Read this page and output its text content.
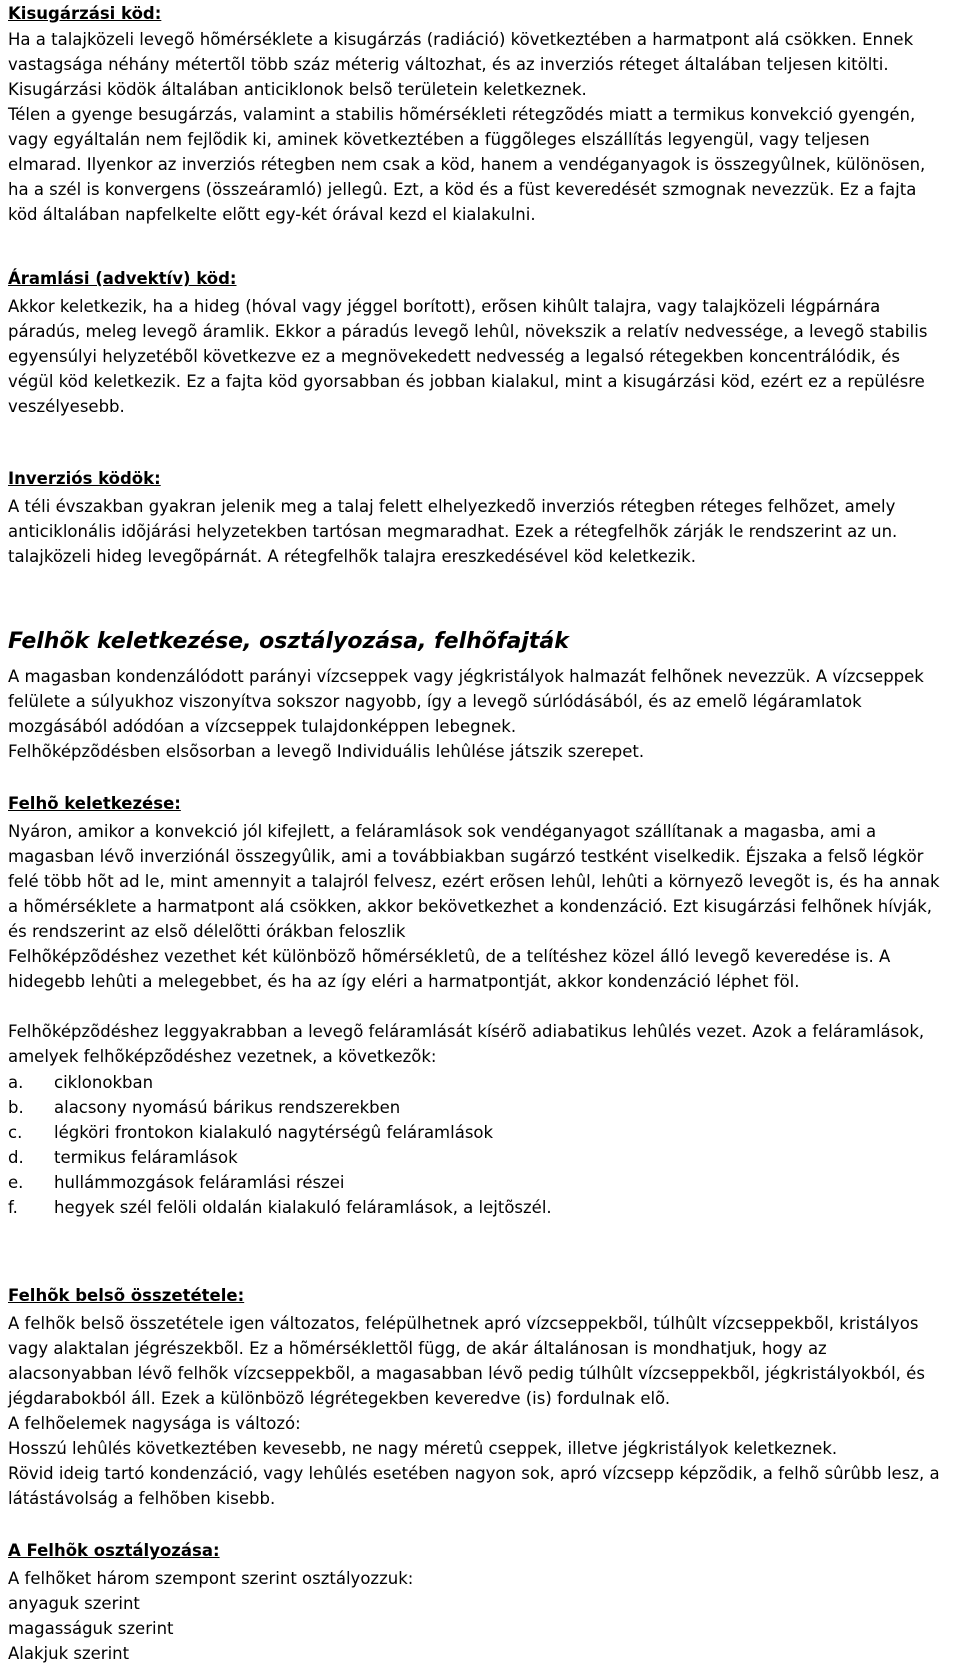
Kisugárzási köd:
Ha a talajközeli levegõ hõmérséklete a kisugárzás (radiáció) következtében a harmatpont alá csökken. Ennek vastagsága néhány métertõl több száz méterig változhat, és az inverziós réteget általában teljesen kitölti. Kisugárzási ködök általában anticiklonok belsõ területein keletkeznek.
Télen a gyenge besugárzás, valamint a stabilis hõmérsékleti rétegzõdés miatt a termikus konvekció gyengén, vagy egyáltalán nem fejlõdik ki, aminek következtében a függõleges elszállítás legyengül, vagy teljesen elmarad. Ilyenkor az inverziós rétegben nem csak a köd, hanem a vendéganyagok is összegyûlnek, különösen, ha a szél is konvergens (összeáramló) jellegû. Ezt, a köd és a füst keveredését szmognak nevezzük. Ez a fajta köd általában napfelkelte elõtt egy-két órával kezd el kialakulni.
Áramlási (advektív) köd:
Akkor keletkezik, ha a hideg (hóval vagy jéggel borított), erõsen kihûlt talajra, vagy talajközeli légpárnára páradús, meleg levegõ áramlik. Ekkor a páradús levegõ lehûl, növekszik a relatív nedvessége, a levegõ stabilis egyensúlyi helyzetébõl következve ez a megnövekedett nedvesség a legalsó rétegekben koncentrálódik, és végül köd keletkezik. Ez a fajta köd gyorsabban és jobban kialakul, mint a kisugárzási köd, ezért ez a repülésre veszélyesebb.
Inverziós ködök:
A téli évszakban gyakran jelenik meg a talaj felett elhelyezkedõ inverziós rétegben réteges felhõzet, amely anticiklonális idõjárási helyzetekben tartósan megmaradhat. Ezek a rétegfelhõk zárják le rendszerint az un. talajközeli hideg levegõpárnát. A rétegfelhõk talajra ereszkedésével köd keletkezik.
Felhõk keletkezése, osztályozása, felhõfajták
A magasban kondenzálódott parányi vízcseppek vagy jégkristályok halmazát felhõnek nevezzük. A vízcseppek felülete a súlyukhoz viszonyítva sokszor nagyobb, így a levegõ súrlódásából, és az emelõ légáramlatok mozgásából adódóan a vízcseppek tulajdonképpen lebegnek.
Felhõképzõdésben elsõsorban a levegõ Individuális lehûlése játszik szerepet.
Felhõ keletkezése:
Nyáron, amikor a konvekció jól kifejlett, a feláramlások sok vendéganyagot szállítanak a magasba, ami a magasban lévõ inverziónál összegyûlik, ami a továbbiakban sugárzó testként viselkedik. Éjszaka a felsõ légkör felé több hõt ad le, mint amennyit a talajról felvesz, ezért erõsen lehûl, lehûti a környezõ levegõt is, és ha annak a hõmérséklete a harmatpont alá csökken, akkor bekövetkezhet a kondenzáció. Ezt kisugárzási felhõnek hívják, és rendszerint az elsõ délelõtti órákban feloszlik
Felhõképzõdéshez vezethet két különbözõ hõmérsékletû, de a telítéshez közel álló levegõ keveredése is. A hidegebb lehûti a melegebbet, és ha az így eléri a harmatpontját, akkor kondenzáció léphet föl.
Felhõképzõdéshez leggyakrabban a levegõ feláramlását kísérõ adiabatikus lehûlés vezet. Azok a feláramlások, amelyek felhõképzõdéshez vezetnek, a következõk:
a.	ciklonokban
b.	alacsony nyomású bárikus rendszerekben
c.	légköri frontokon kialakuló nagytérségû feláramlások
d.	termikus feláramlások
e.	hullámmozgások feláramlási részei
f.	hegyek szél felöli oldalán kialakuló feláramlások, a lejtõszél.
Felhõk belsõ összetétele:
A felhõk belsõ összetétele igen változatos, felépülhetnek apró vízcseppekbõl, túlhûlt vízcseppekbõl, kristályos vagy alaktalan jégrészekbõl. Ez a hõmérséklettõl függ, de akár általánosan is mondhatjuk, hogy az alacsonyabban lévõ felhõk vízcseppekbõl, a magasabban lévõ pedig túlhûlt vízcseppekbõl, jégkristályokból, és jégdarabokból áll. Ezek a különbözõ légrétegekben keveredve (is) fordulnak elõ.
A felhõelemek nagysága is változó:
Hosszú lehûlés következtében kevesebb, ne nagy méretû cseppek, illetve jégkristályok keletkeznek.
Rövid ideig tartó kondenzáció, vagy lehûlés esetében nagyon sok, apró vízcsepp képzõdik, a felhõ sûrûbb lesz, a látástávolság a felhõben kisebb.
A Felhõk osztályozása:
A felhõket három szempont szerint osztályozzuk:
anyaguk szerint
magasságuk szerint
Alakjuk szerint
